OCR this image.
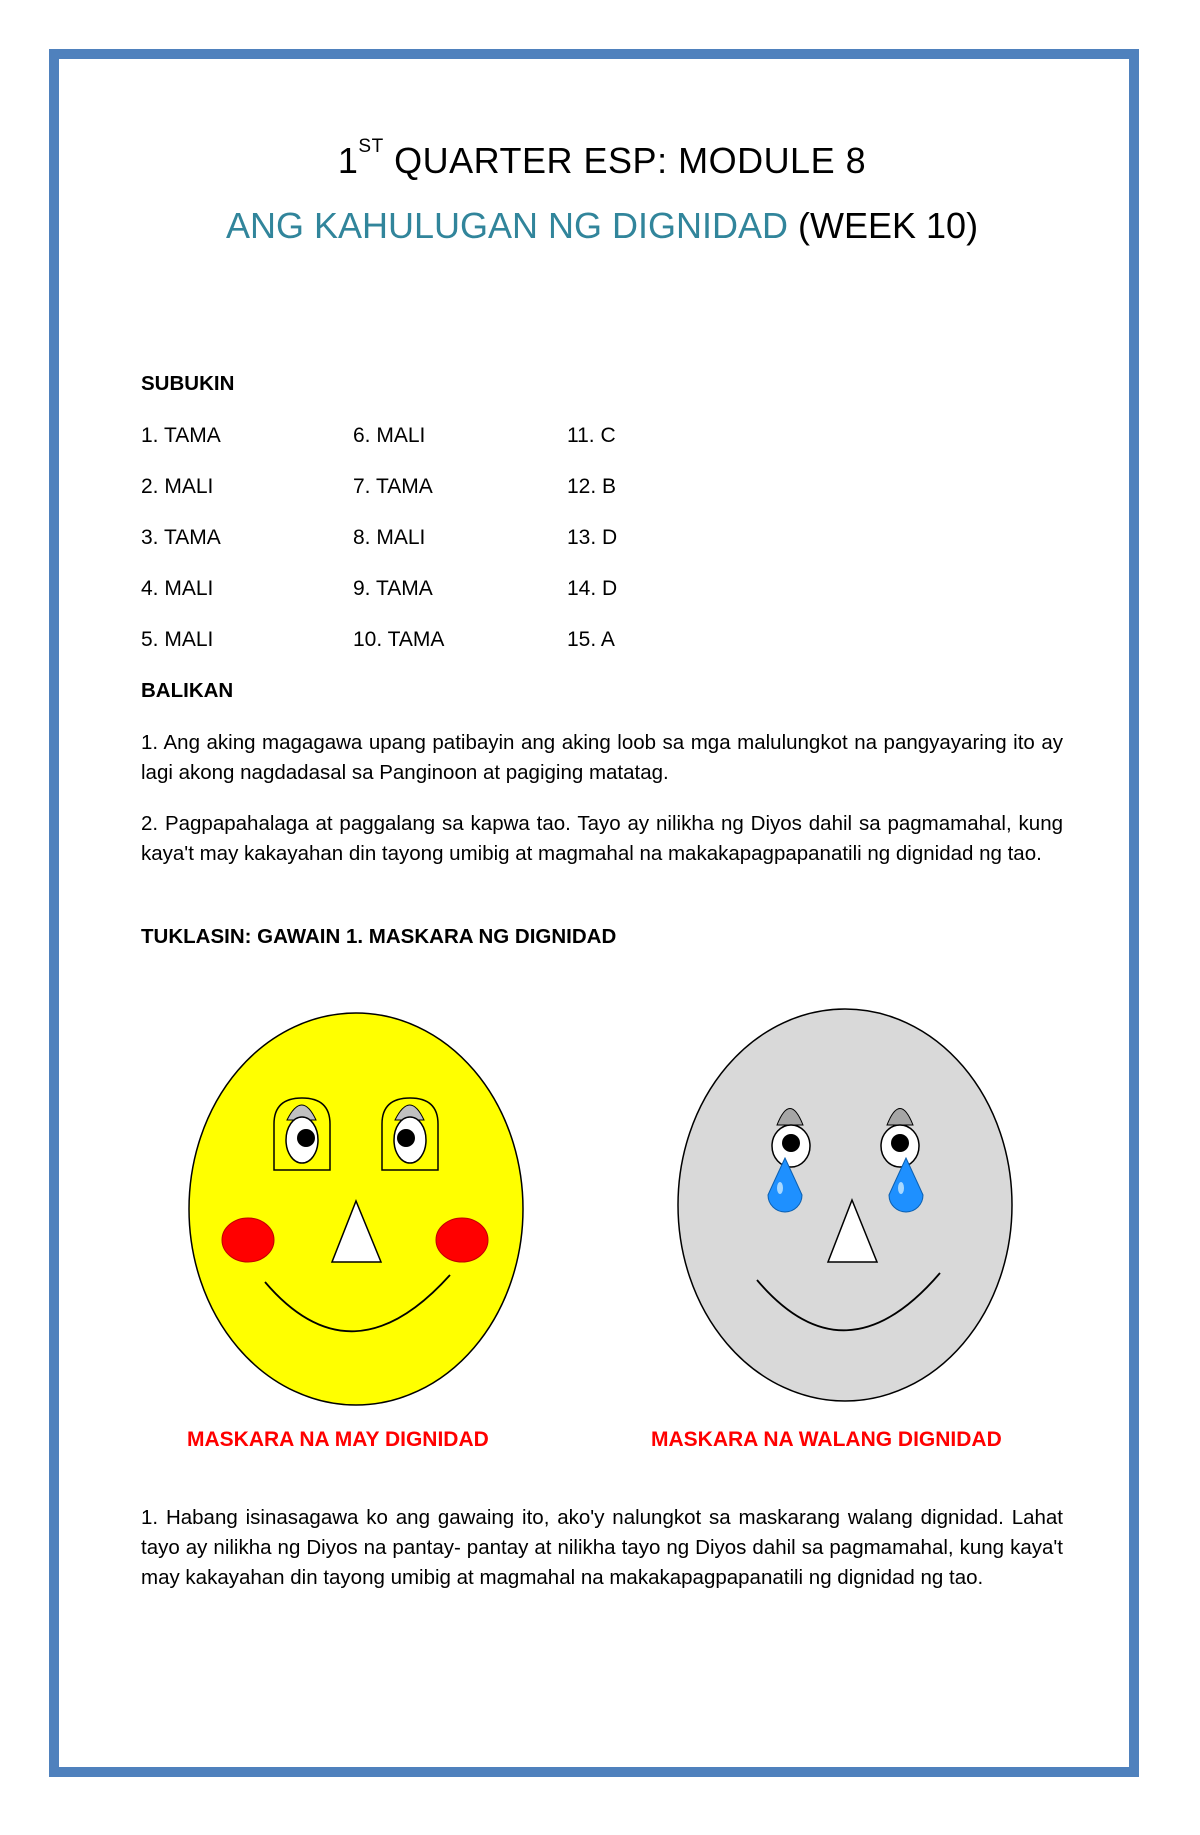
1ST QUARTER ESP: MODULE 8
ANG KAHULUGAN NG DIGNIDAD (WEEK 10)
SUBUKIN
1. TAMA
2. MALI
3. TAMA
4. MALI
5. MALI
6. MALI
7. TAMA
8. MALI
9. TAMA
10. TAMA
11. C
12. B
13. D
14. D
15. A
BALIKAN
1. Ang aking magagawa upang patibayin ang aking loob sa mga malulungkot na pangyayaring ito ay lagi akong nagdadasal sa Panginoon at pagiging matatag.
2. Pagpapahalaga at paggalang sa kapwa tao. Tayo ay nilikha ng Diyos dahil sa pagmamahal, kung kaya't may kakayahan din tayong umibig at magmahal na makakapagpapanatili ng dignidad ng tao.
TUKLASIN: GAWAIN 1. MASKARA NG DIGNIDAD
MASKARA NA MAY DIGNIDAD	MASKARA NA WALANG DIGNIDAD
1. Habang isinasagawa ko ang gawaing ito, ako'y nalungkot sa maskarang walang dignidad. Lahat tayo ay nilikha ng Diyos na pantay- pantay at nilikha tayo ng Diyos dahil sa pagmamahal, kung kaya't may kakayahan din tayong umibig at magmahal na makakapagpapanatili ng dignidad ng tao.
